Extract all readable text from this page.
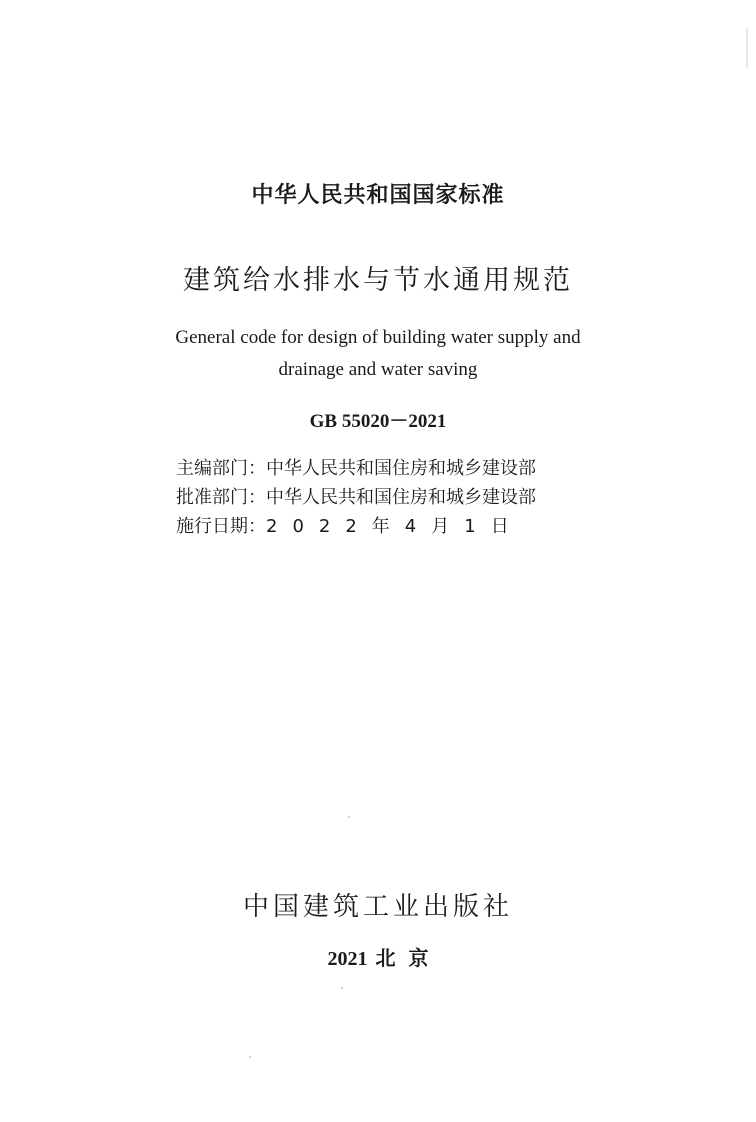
中华人民共和国国家标准
建筑给水排水与节水通用规范
General code for design of building water supply and
drainage and water saving
GB 55020－2021
主编部门：中华人民共和国住房和城乡建设部
批准部门：中华人民共和国住房和城乡建设部
施行日期：2022年4月1日
中国建筑工业出版社
2021 北 京
